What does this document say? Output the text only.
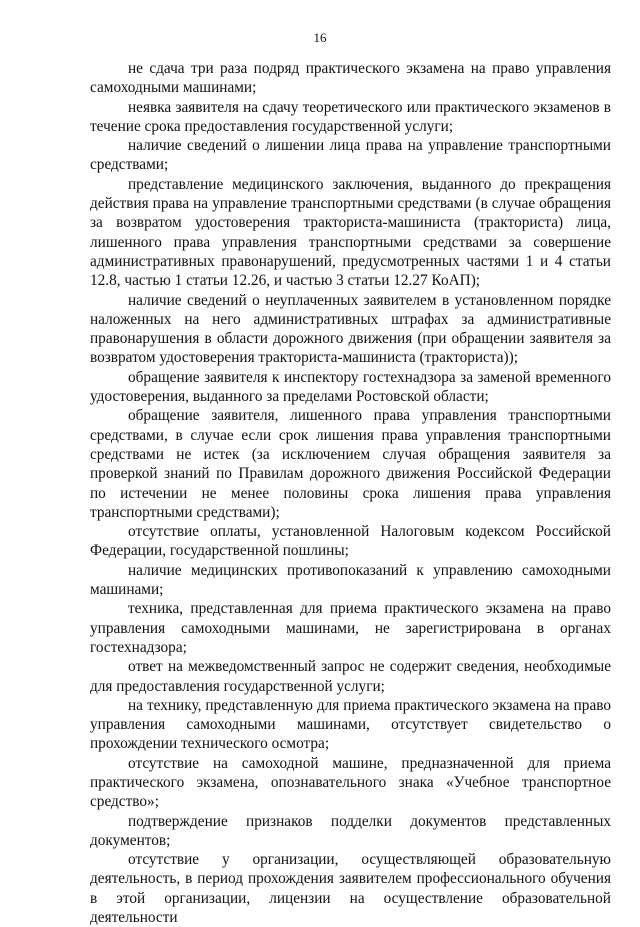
16

не сдача три раза подряд практического экзамена на право управления самоходными машинами;

неявка заявителя на сдачу теоретического или практического экзаменов в течение срока предоставления государственной услуги;

наличие сведений о лишении лица права на управление транспортными средствами;

представление медицинского заключения, выданного до прекращения действия права на управление транспортными средствами (в случае обращения за возвратом удостоверения тракториста-машиниста (тракториста) лица, лишенного права управления транспортными средствами за совершение административных правонарушений, предусмотренных частями 1 и 4 статьи 12.8, частью 1 статьи 12.26, и частью 3 статьи 12.27 КоАП);

наличие сведений о неуплаченных заявителем в установленном порядке наложенных на него административных штрафах за административные правонарушения в области дорожного движения (при обращении заявителя за возвратом удостоверения тракториста-машиниста (тракториста));

обращение заявителя к инспектору гостехнадзора за заменой временного удостоверения, выданного за пределами Ростовской области;

обращение заявителя, лишенного права управления транспортными средствами, в случае если срок лишения права управления транспортными средствами не истек (за исключением случая обращения заявителя за проверкой знаний по Правилам дорожного движения Российской Федерации по истечении не менее половины срока лишения права управления транспортными средствами);

отсутствие оплаты, установленной Налоговым кодексом Российской Федерации, государственной пошлины;

наличие медицинских противопоказаний к управлению самоходными машинами;

техника, представленная для приема практического экзамена на право управления самоходными машинами, не зарегистрирована в органах гостехнадзора;

ответ на межведомственный запрос не содержит сведения, необходимые для предоставления государственной услуги;

на технику, представленную для приема практического экзамена на право управления самоходными машинами, отсутствует свидетельство о прохождении технического осмотра;

отсутствие на самоходной машине, предназначенной для приема практического экзамена, опознавательного знака «Учебное транспортное средство»;

подтверждение признаков подделки документов представленных документов;

отсутствие у организации, осуществляющей образовательную деятельность, в период прохождения заявителем профессионального обучения в этой организации, лицензии на осуществление образовательной деятельности
